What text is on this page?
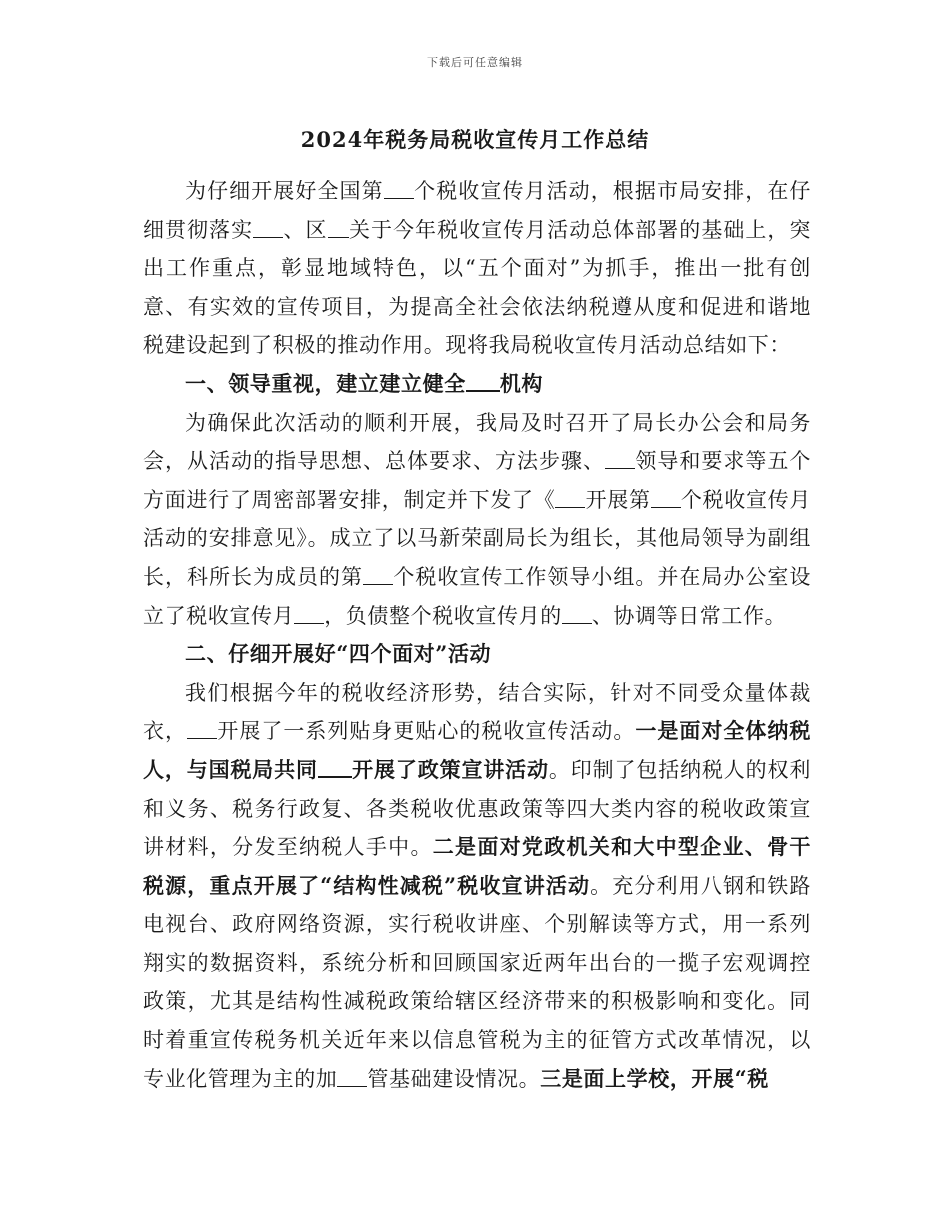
下载后可任意编辑
2024年税务局税收宣传月工作总结

为仔细开展好全国第 个税收宣传月活动，根据市局安排，在仔细贯彻落实 、区 关于今年税收宣传月活动总体部署的基础上，突出工作重点，彰显地域特色，以“五个面对”为抓手，推出一批有创意、有实效的宣传项目，为提高全社会依法纳税遵从度和促进和谐地税建设起到了积极的推动作用。现将我局税收宣传月活动总结如下：

一、领导重视，建立建立健全 机构

为确保此次活动的顺利开展，我局及时召开了局长办公会和局务会，从活动的指导思想、总体要求、方法步骤、 领导和要求等五个方面进行了周密部署安排，制定并下发了《 开展第 个税收宣传月活动的安排意见》。成立了以马新荣副局长为组长，其他局领导为副组长，科所长为成员的第 个税收宣传工作领导小组。并在局办公室设立了税收宣传月 ，负债整个税收宣传月的 、协调等日常工作。

二、仔细开展好“四个面对”活动

我们根据今年的税收经济形势，结合实际，针对不同受众量体裁衣， 开展了一系列贴身更贴心的税收宣传活动。一是面对全体纳税人，与国税局共同 开展了政策宣讲活动。印制了包括纳税人的权利和义务、税务行政复、各类税收优惠政策等四大类内容的税收政策宣讲材料，分发至纳税人手中。二是面对党政机关和大中型企业、骨干税源，重点开展了“结构性减税”税收宣讲活动。充分利用八钢和铁路电视台、政府网络资源，实行税收讲座、个别解读等方式，用一系列翔实的数据资料，系统分析和回顾国家近两年出台的一揽子宏观调控政策，尤其是结构性减税政策给辖区经济带来的积极影响和变化。同时着重宣传税务机关近年来以信息管税为主的征管方式改革情况，以专业化管理为主的加 管基础建设情况。三是面上学校，开展“税
